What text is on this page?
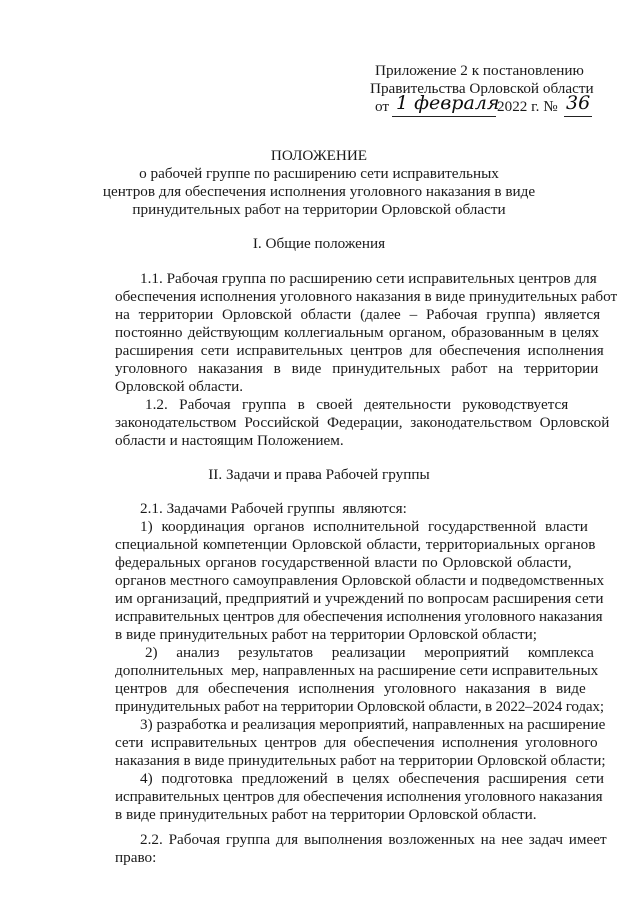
Приложение 2 к постановлению
Правительства Орловской области
от 1 февраля
2022 г. № 36
ПОЛОЖЕНИЕ
о рабочей группе по расширению сети исправительных
центров для обеспечения исполнения уголовного наказания в виде
принудительных работ на территории Орловской области
I. Общие положения
1.1. Рабочая группа по расширению сети исправительных центров для
обеспечения исполнения уголовного наказания в виде принудительных работ
на территории Орловской области (далее – Рабочая группа) является
постоянно действующим коллегиальным органом, образованным в целях
расширения сети исправительных центров для обеспечения исполнения
уголовного наказания в виде принудительных работ на территории
Орловской области.
1.2.   Рабочая   группа   в   своей   деятельности   руководствуется
законодательством Российской Федерации, законодательством Орловской
области и настоящим Положением.
II. Задачи и права Рабочей группы
2.1. Задачами Рабочей группы  являются:
1) координация органов исполнительной государственной власти
специальной компетенции Орловской области, территориальных органов
федеральных органов государственной власти по Орловской области,
органов местного самоуправления Орловской области и подведомственных
им организаций, предприятий и учреждений по вопросам расширения сети
исправительных центров для обеспечения исполнения уголовного наказания
в виде принудительных работ на территории Орловской области;
2)     анализ     результатов     реализации     мероприятий     комплекса
дополнительных  мер, направленных на расширение сети исправительных
центров для обеспечения исполнения уголовного наказания в виде
принудительных работ на территории Орловской области, в 2022–2024 годах;
3) разработка и реализация мероприятий, направленных на расширение
сети исправительных центров для обеспечения исполнения уголовного
наказания в виде принудительных работ на территории Орловской области;
4) подготовка предложений в целях обеспечения расширения сети
исправительных центров для обеспечения исполнения уголовного наказания
в виде принудительных работ на территории Орловской области.
2.2. Рабочая группа для выполнения возложенных на нее задач имеет
право:
